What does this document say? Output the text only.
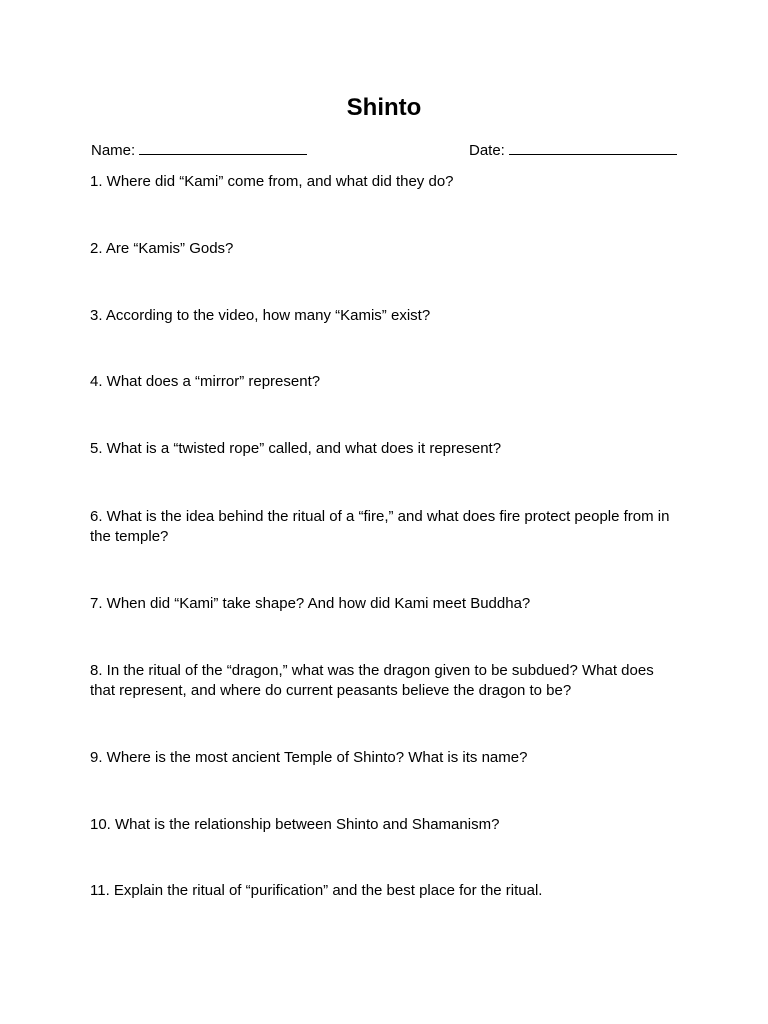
Shinto
Name:	Date:

1. Where did “Kami” come from, and what did they do?

2. Are “Kamis” Gods?

3. According to the video, how many “Kamis” exist?

4. What does a “mirror” represent?

5. What is a “twisted rope” called, and what does it represent?

6. What is the idea behind the ritual of a “fire,” and what does fire protect people from in the temple?

7. When did “Kami” take shape? And how did Kami meet Buddha?

8. In the ritual of the “dragon,” what was the dragon given to be subdued? What does that represent, and where do current peasants believe the dragon to be?

9. Where is the most ancient Temple of Shinto? What is its name?

10. What is the relationship between Shinto and Shamanism?

11. Explain the ritual of “purification” and the best place for the ritual.
